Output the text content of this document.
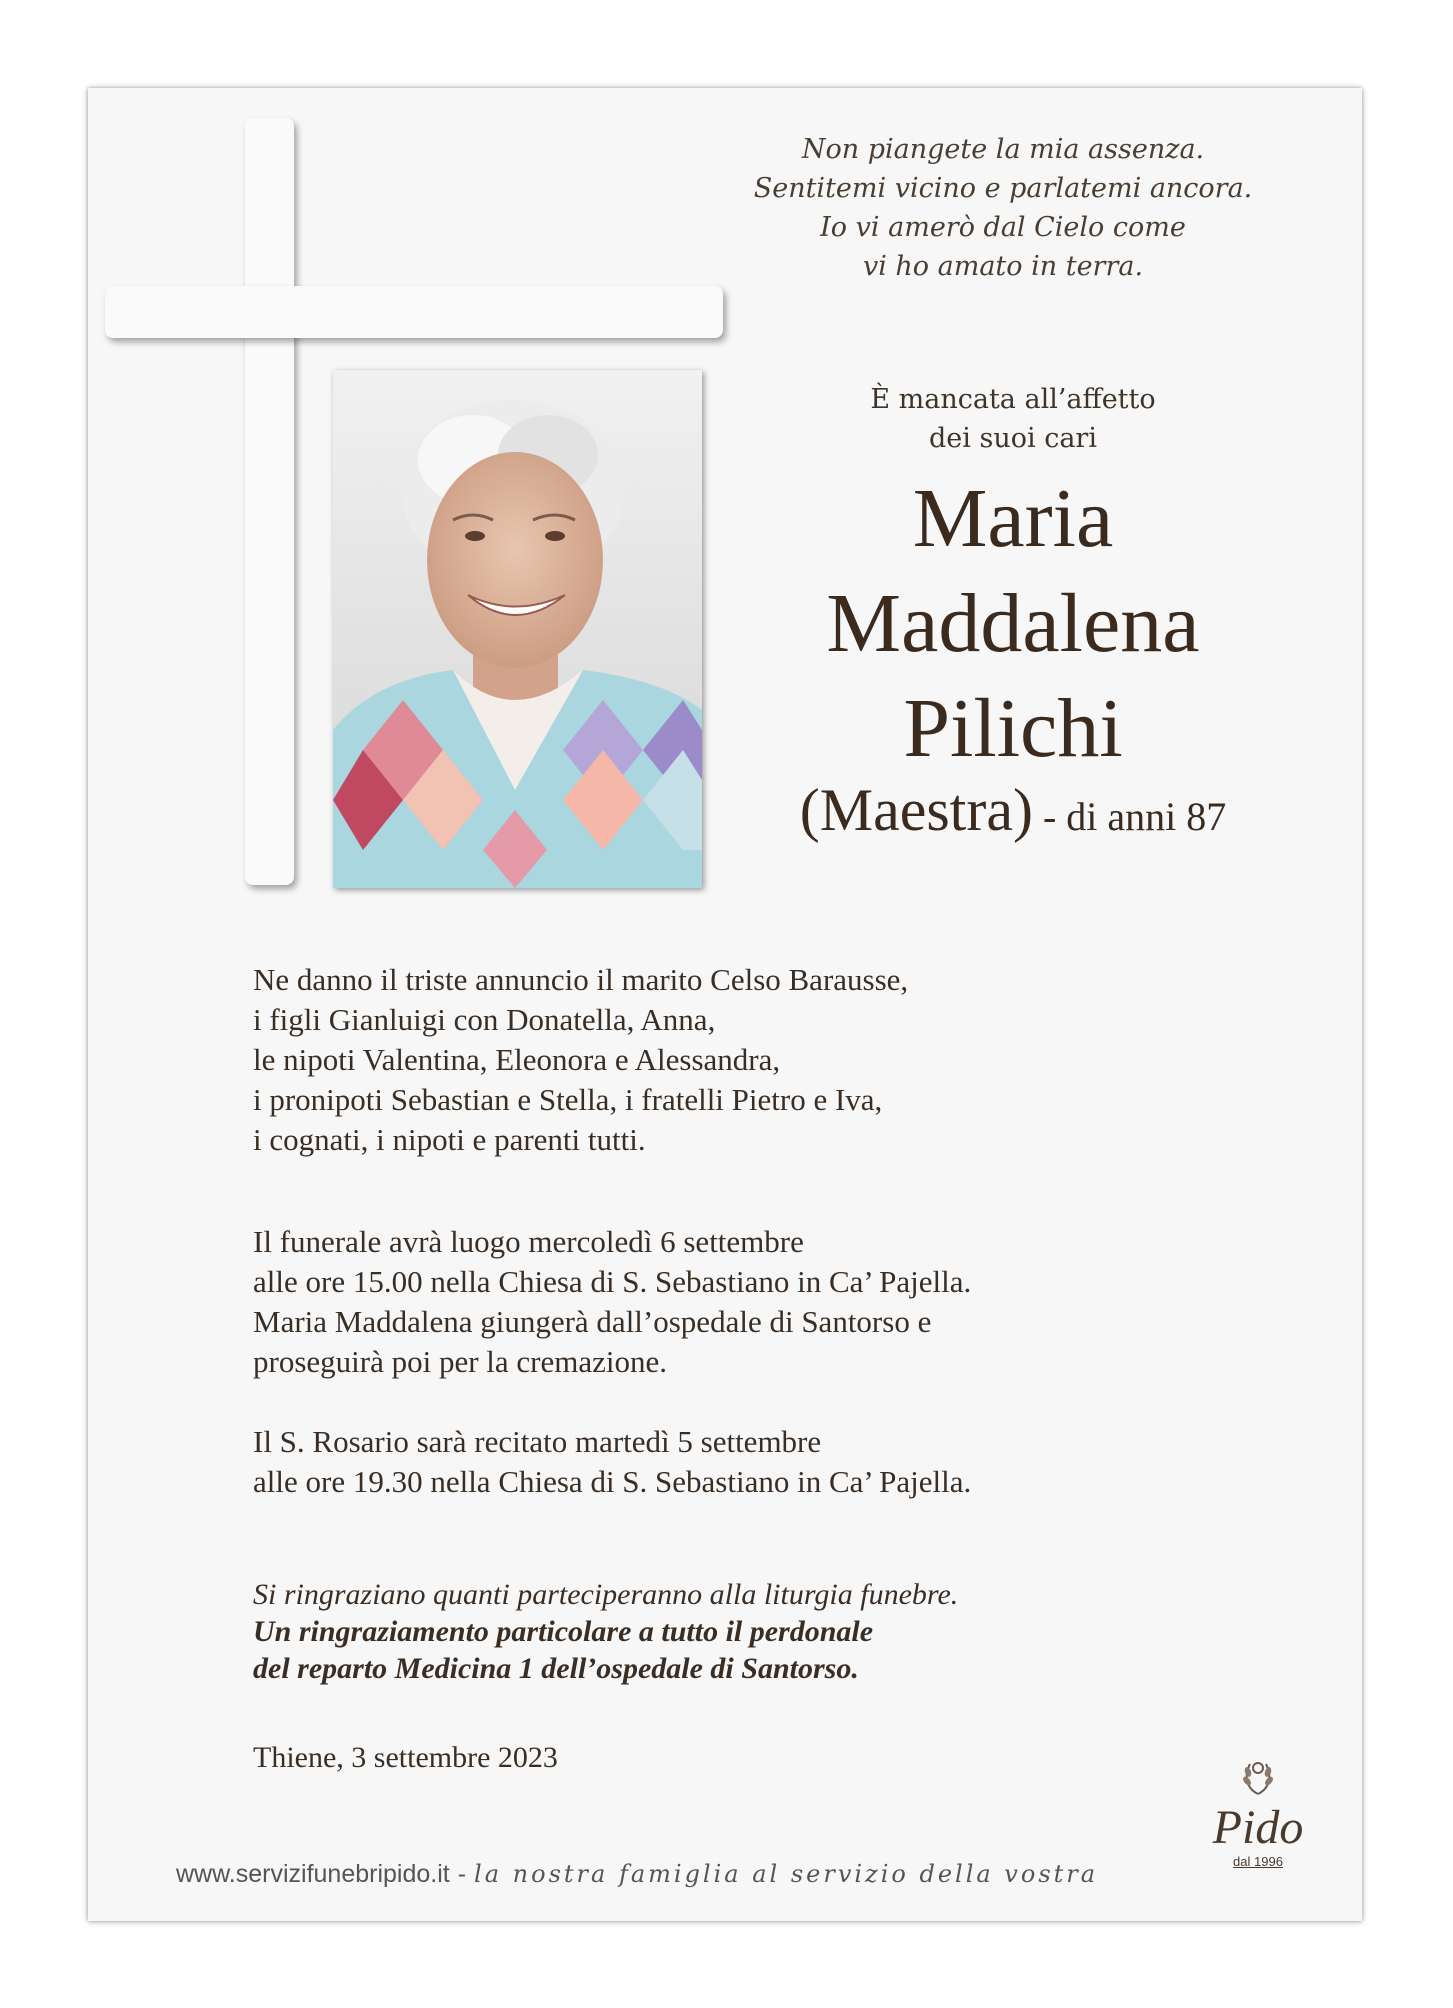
Non piangete la mia assenza.
Sentitemi vicino e parlatemi ancora.
Io vi amerò dal Cielo come
vi ho amato in terra.
È mancata all’affetto
dei suoi cari
Maria
Maddalena
Pilichi
(Maestra) - di anni 87
Ne danno il triste annuncio il marito Celso Barausse,
i figli Gianluigi con Donatella, Anna,
le nipoti Valentina, Eleonora e Alessandra,
i pronipoti Sebastian e Stella, i fratelli Pietro e Iva,
i cognati, i nipoti e parenti tutti.
Il funerale avrà luogo mercoledì 6 settembre
alle ore 15.00 nella Chiesa di S. Sebastiano in Ca’ Pajella.
Maria Maddalena giungerà dall’ospedale di Santorso e
proseguirà poi per la cremazione.
Il S. Rosario sarà recitato martedì 5 settembre
alle ore 19.30 nella Chiesa di S. Sebastiano in Ca’ Pajella.
Si ringraziano quanti parteciperanno alla liturgia funebre.
Un ringraziamento particolare a tutto il perdonale
del reparto Medicina 1 dell’ospedale di Santorso.
Thiene, 3 settembre 2023
www.servizifunebripido.it - la nostra famiglia al servizio della vostra
Pido
dal 1996
